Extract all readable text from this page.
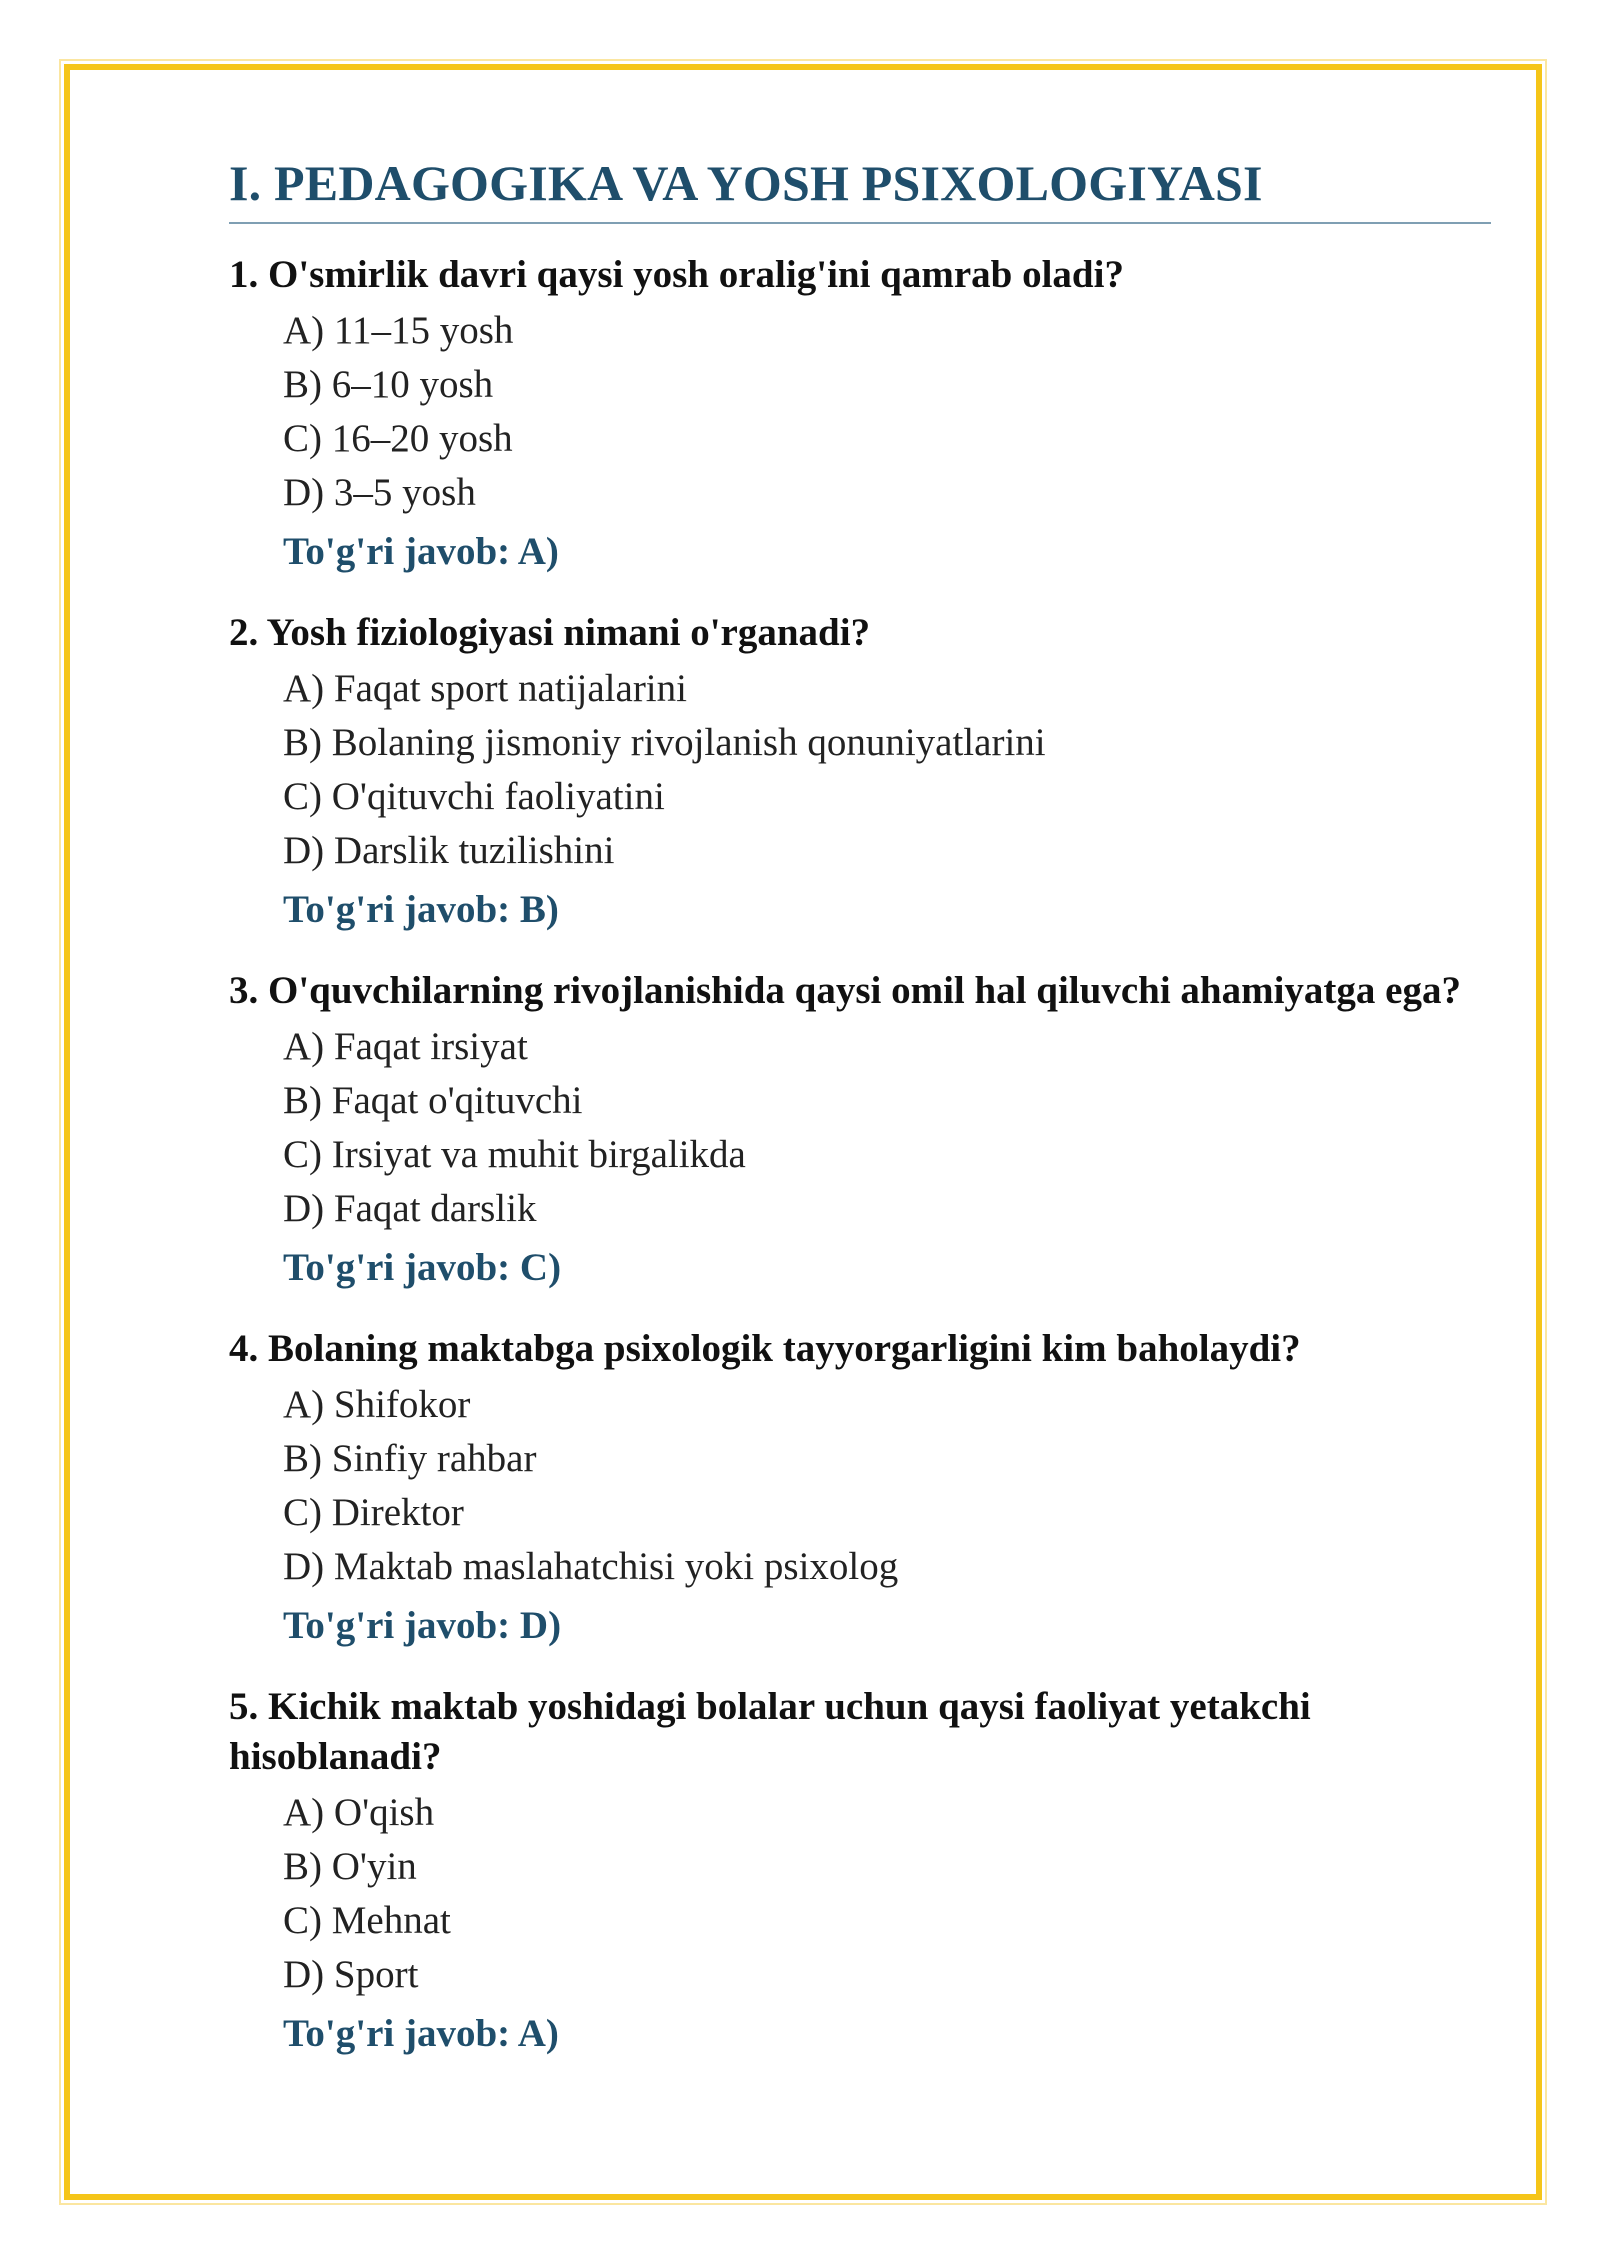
I. PEDAGOGIKA VA YOSH PSIXOLOGIYASI

1. O'smirlik davri qaysi yosh oralig'ini qamrab oladi?

A) 11–15 yosh
B) 6–10 yosh
C) 16–20 yosh
D) 3–5 yosh
To'g'ri javob: A)

2. Yosh fiziologiyasi nimani o'rganadi?

A) Faqat sport natijalarini
B) Bolaning jismoniy rivojlanish qonuniyatlarini
C) O'qituvchi faoliyatini
D) Darslik tuzilishini
To'g'ri javob: B)

3. O'quvchilarning rivojlanishida qaysi omil hal qiluvchi ahamiyatga ega?

A) Faqat irsiyat
B) Faqat o'qituvchi
C) Irsiyat va muhit birgalikda
D) Faqat darslik
To'g'ri javob: C)

4. Bolaning maktabga psixologik tayyorgarligini kim baholaydi?

A) Shifokor
B) Sinfiy rahbar
C) Direktor
D) Maktab maslahatchisi yoki psixolog
To'g'ri javob: D)

5. Kichik maktab yoshidagi bolalar uchun qaysi faoliyat yetakchi hisoblanadi?

A) O'qish
B) O'yin
C) Mehnat
D) Sport
To'g'ri javob: A)
